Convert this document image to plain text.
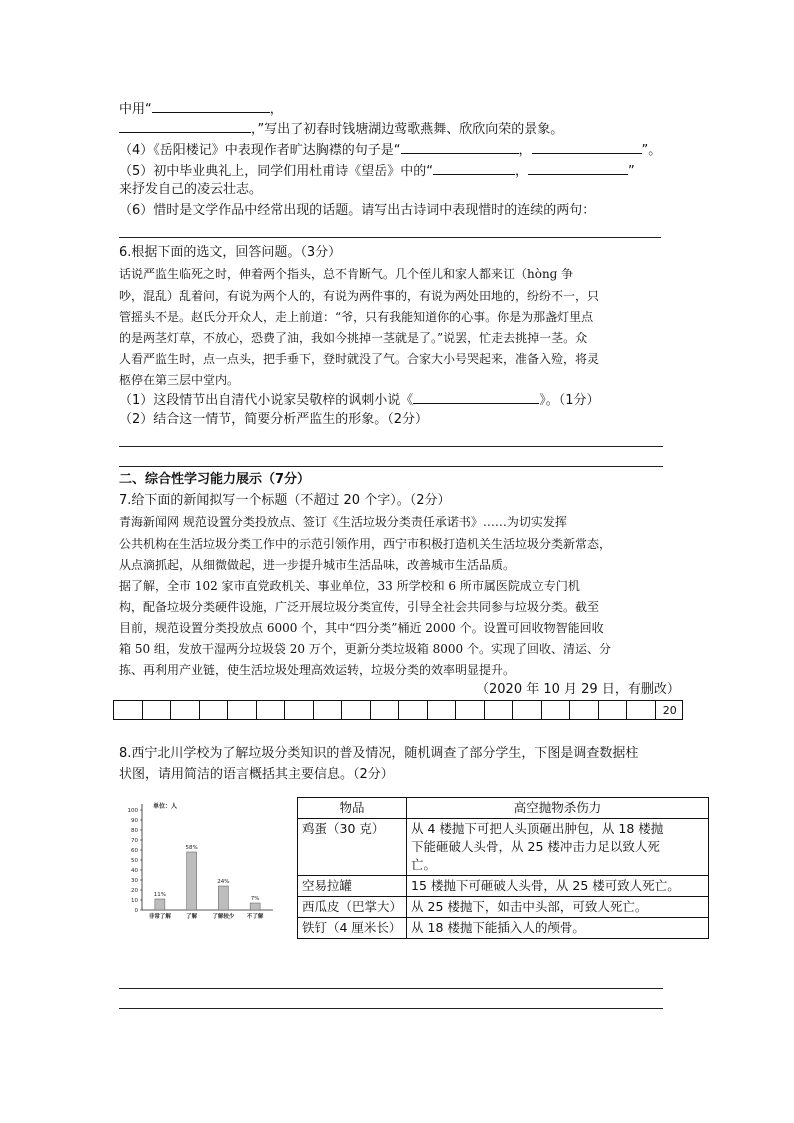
中用“	，
，”写出了初春时钱塘湖边莺歌燕舞、欣欣向荣的景象。
（4）《岳阳楼记》中表现作者旷达胸襟的句子是“	，	”。
（5）初中毕业典礼上，同学们用杜甫诗《望岳》中的“	，	”
来抒发自己的凌云壮志。
（6）惜时是文学作品中经常出现的话题。请写出古诗词中表现惜时的连续的两句：
6.根据下面的选文，回答问题。（3分）
话说严监生临死之时，伸着两个指头，总不肯断气。几个侄儿和家人都来讧（hònɡ 争
吵，混乱）乱着问，有说为两个人的，有说为两件事的，有说为两处田地的，纷纷不一，只
管摇头不是。赵氏分开众人，走上前道：“爷，只有我能知道你的心事。你是为那盏灯里点
的是两茎灯草，不放心，恐费了油，我如今挑掉一茎就是了。”说罢，忙走去挑掉一茎。众
人看严监生时，点一点头，把手垂下，登时就没了气。合家大小号哭起来，准备入殓，将灵
柩停在第三层中堂内。
（1）这段情节出自清代小说家吴敬梓的讽刺小说《	》。（1分）
（2）结合这一情节，简要分析严监生的形象。（2分）
二、综合性学习能力展示（7分）
7.给下面的新闻拟写一个标题（不超过 20 个字）。（2分）
青海新闻网 规范设置分类投放点、签订《生活垃圾分类责任承诺书》……为切实发挥
公共机构在生活垃圾分类工作中的示范引领作用，西宁市积极打造机关生活垃圾分类新常态，
从点滴抓起，从细微做起，进一步提升城市生活品味，改善城市生活品质。
据了解，全市 102 家市直党政机关、事业单位，33 所学校和 6 所市属医院成立专门机
构，配备垃圾分类硬件设施，广泛开展垃圾分类宣传，引导全社会共同参与垃圾分类。截至
目前，规范设置分类投放点 6000 个，其中“四分类”桶近 2000 个。设置可回收物智能回收
箱 50 组，发放干湿两分垃圾袋 20 万个，更新分类垃圾箱 8000 个。实现了回收、清运、分
拣、再利用产业链，使生活垃圾处理高效运转，垃圾分类的效率明显提升。
（2020 年 10 月 29 日，有删改）
20
8.西宁北川学校为了解垃圾分类知识的普及情况，随机调查了部分学生，下图是调查数据柱
状图，请用简洁的语言概括其主要信息。（2分）
单位：人
0
10
20
30
40
50
60
70
80
90
100
11%
58%
24%
7%
非常了解	了解	了解较少 不了解
物品	高空抛物杀伤力
鸡蛋（30 克）	从 4 楼抛下可把人头顶砸出肿包，从 18 楼抛
下能砸破人头骨，从 25 楼冲击力足以致人死
亡。

空易拉罐	15 楼抛下可砸破人头骨，从 25 楼可致人死亡。

西瓜皮（巴掌大）	从 25 楼抛下，如击中头部，可致人死亡。

铁钉（4 厘米长）	从 18 楼抛下能插入人的颅骨。
